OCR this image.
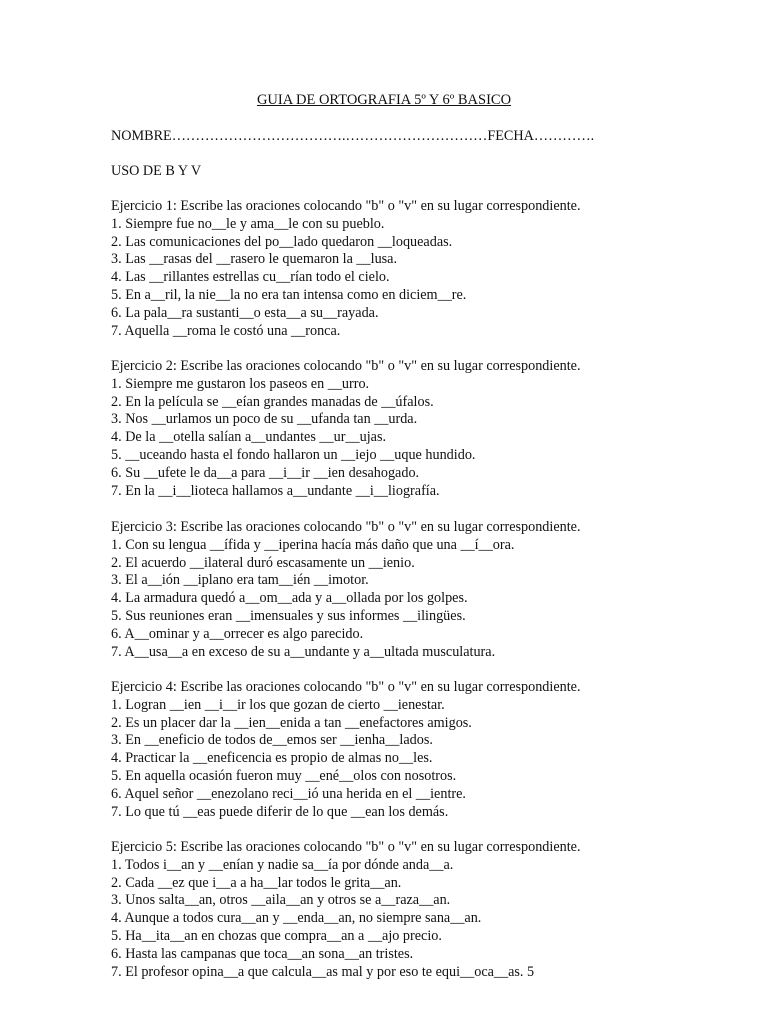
GUIA DE ORTOGRAFIA 5º Y 6º BASICO
NOMBRE……………………………….…………………………FECHA………….
USO DE B Y V
Ejercicio 1: Escribe las oraciones colocando "b" o "v" en su lugar correspondiente.
1. Siempre fue no__le y ama__le con su pueblo.
2. Las comunicaciones del po__lado quedaron __loqueadas.
3. Las __rasas del __rasero le quemaron la __lusa.
4. Las __rillantes estrellas cu__rían todo el cielo.
5. En a__ril, la nie__la no era tan intensa como en diciem__re.
6. La pala__ra sustanti__o esta__a su__rayada.
7. Aquella __roma le costó una __ronca.
Ejercicio 2: Escribe las oraciones colocando "b" o "v" en su lugar correspondiente.
1. Siempre me gustaron los paseos en __urro.
2. En la película se __eían grandes manadas de __úfalos.
3. Nos __urlamos un poco de su __ufanda tan __urda.
4. De la __otella salían a__undantes __ur__ujas.
5. __uceando hasta el fondo hallaron un __iejo __uque hundido.
6. Su __ufete le da__a para __i__ir __ien desahogado.
7. En la __i__lioteca hallamos a__undante __i__liografía.
Ejercicio 3: Escribe las oraciones colocando "b" o "v" en su lugar correspondiente.
1. Con su lengua __ífida y __iperina hacía más daño que una __í__ora.
2. El acuerdo __ilateral duró escasamente un __ienio.
3. El a__ión __iplano era tam__ién __imotor.
4. La armadura quedó a__om__ada y a__ollada por los golpes.
5. Sus reuniones eran __imensuales y sus informes __ilingües.
6. A__ominar y a__orrecer es algo parecido.
7. A__usa__a en exceso de su a__undante y a__ultada musculatura.
Ejercicio 4: Escribe las oraciones colocando "b" o "v" en su lugar correspondiente.
1. Logran __ien __i__ir los que gozan de cierto __ienestar.
2. Es un placer dar la __ien__enida a tan __enefactores amigos.
3. En __eneficio de todos de__emos ser __ienha__lados.
4. Practicar la __eneficencia es propio de almas no__les.
5. En aquella ocasión fueron muy __ené__olos con nosotros.
6. Aquel señor __enezolano reci__ió una herida en el __ientre.
7. Lo que tú __eas puede diferir de lo que __ean los demás.
Ejercicio 5: Escribe las oraciones colocando "b" o "v" en su lugar correspondiente.
1. Todos i__an y __enían y nadie sa__ía por dónde anda__a.
2. Cada __ez que i__a a ha__lar todos le grita__an.
3. Unos salta__an, otros __aila__an y otros se a__raza__an.
4. Aunque a todos cura__an y __enda__an, no siempre sana__an.
5. Ha__ita__an en chozas que compra__an a __ajo precio.
6. Hasta las campanas que toca__an sona__an tristes.
7. El profesor opina__a que calcula__as mal y por eso te equi__oca__as. 5
